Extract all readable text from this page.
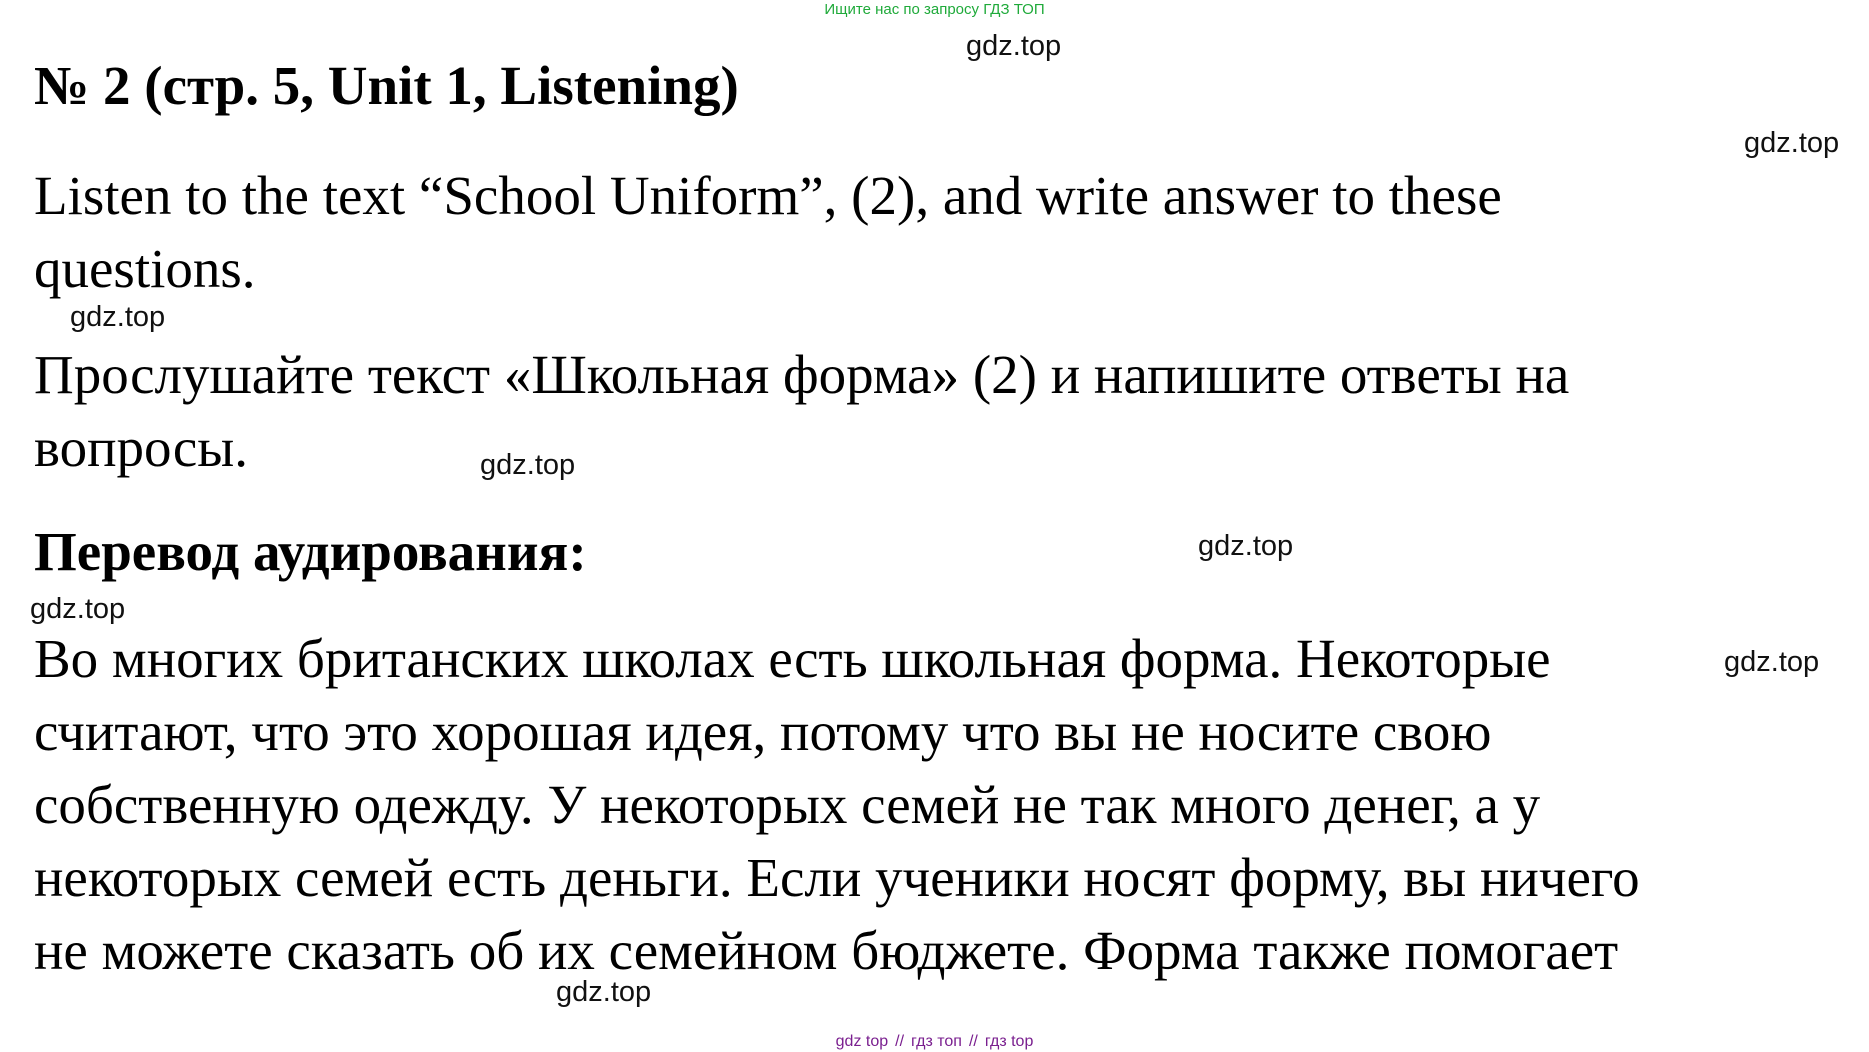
Ищите нас по запросу ГДЗ ТОП
gdz.top
gdz.top
gdz.top
gdz.top
gdz.top
gdz.top
gdz.top
gdz.top
№ 2 (стр. 5, Unit 1, Listening)

Listen to the text “School Uniform”, (2), and write answer to these questions.

Прослушайте текст «Школьная форма» (2) и напишите ответы на вопросы.

Перевод аудирования:
Во многих британских школах есть школьная форма. Некоторые
считают, что это хорошая идея, потому что вы не носите свою
собственную одежду. У некоторых семей не так много денег, а у
некоторых семей есть деньги. Если ученики носят форму, вы ничего
не можете сказать об их семейном бюджете. Форма также помогает
gdz top // гдз топ // гдз top
